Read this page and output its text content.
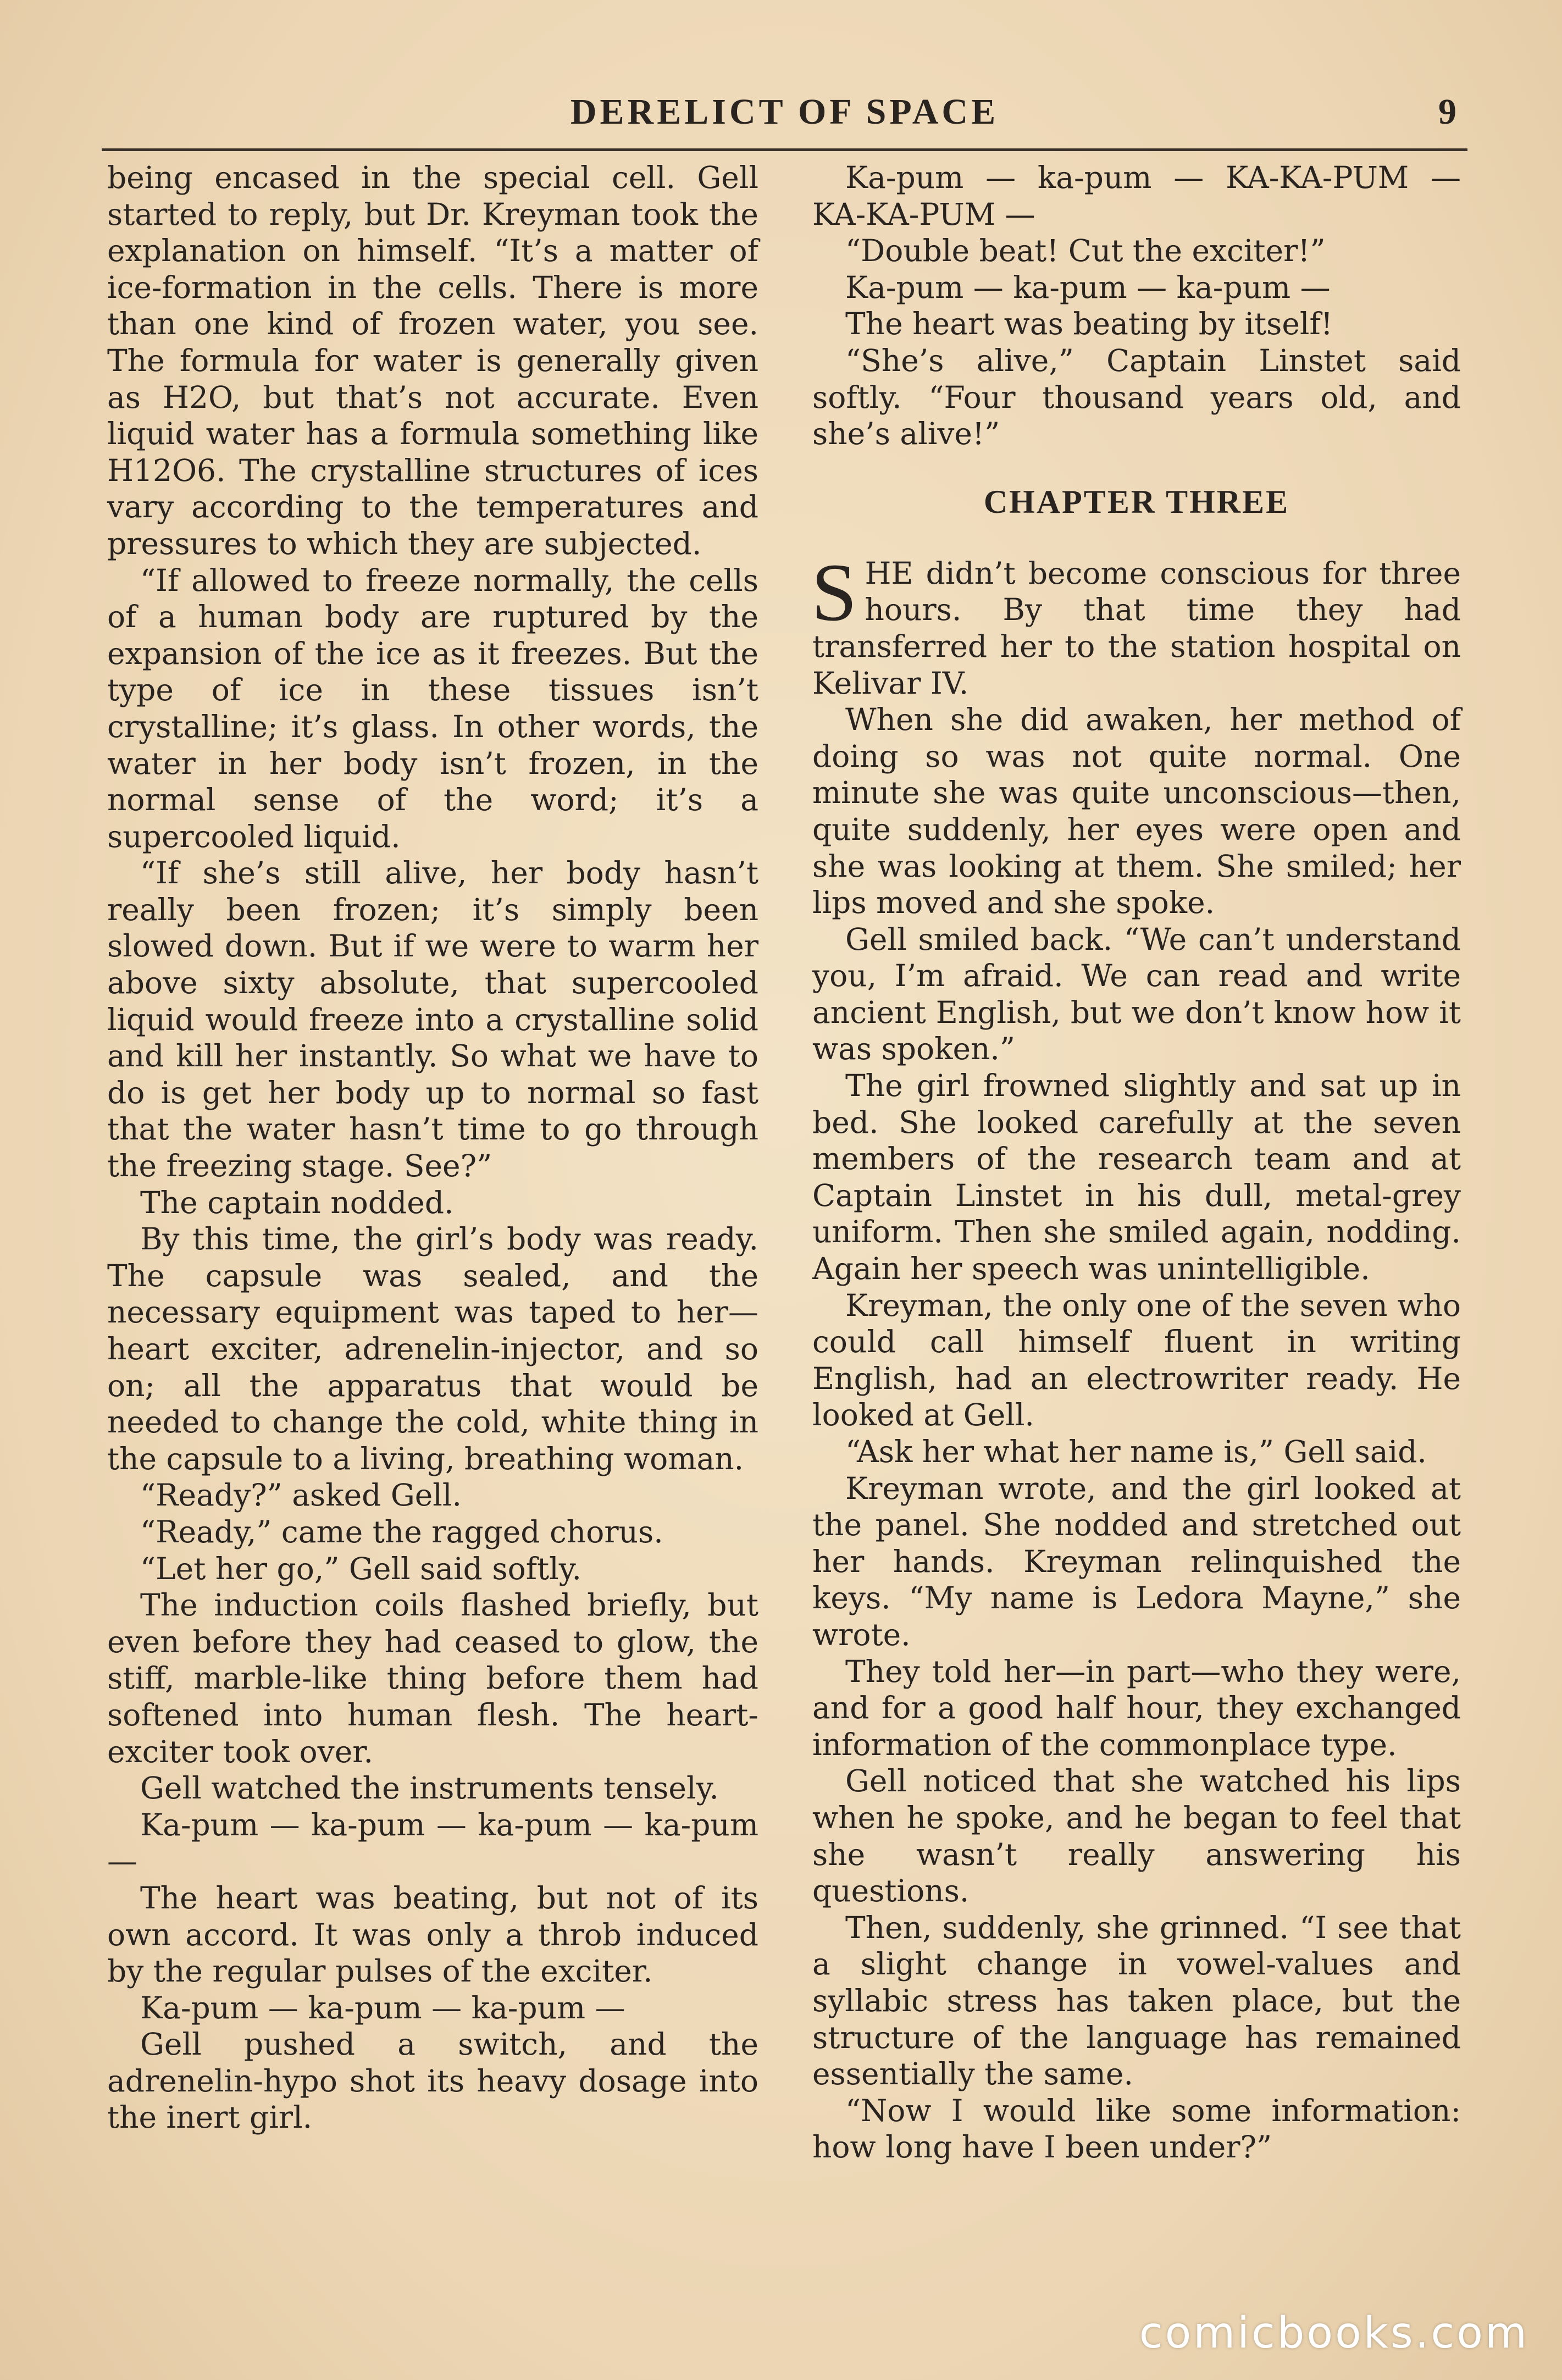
DERELICT OF SPACE	9

being encased in the special cell. Gell started to reply, but Dr. Kreyman took the explanation on himself. “It’s a matter of ice-formation in the cells. There is more than one kind of frozen water, you see. The formula for water is generally given as H2O, but that’s not accurate. Even liquid water has a formula something like H12O6. The crystalline structures of ices vary according to the temperatures and pressures to which they are subjected.

“If allowed to freeze normally, the cells of a human body are ruptured by the expansion of the ice as it freezes. But the type of ice in these tissues isn’t crystalline; it’s glass. In other words, the water in her body isn’t frozen, in the normal sense of the word; it’s a supercooled liquid.

“If she’s still alive, her body hasn’t really been frozen; it’s simply been slowed down. But if we were to warm her above sixty absolute, that supercooled liquid would freeze into a crystalline solid and kill her instantly. So what we have to do is get her body up to normal so fast that the water hasn’t time to go through the freezing stage. See?”

The captain nodded.

By this time, the girl’s body was ready. The capsule was sealed, and the necessary equipment was taped to her—heart exciter, adrenelin-injector, and so on; all the apparatus that would be needed to change the cold, white thing in the capsule to a living, breathing woman.

“Ready?” asked Gell.

“Ready,” came the ragged chorus.

“Let her go,” Gell said softly.

The induction coils flashed briefly, but even before they had ceased to glow, the stiff, marble-like thing before them had softened into human flesh. The heart-exciter took over.

Gell watched the instruments tensely.

Ka-pum — ka-pum — ka-pum — ka-pum —

The heart was beating, but not of its own accord. It was only a throb induced by the regular pulses of the exciter.

Ka-pum — ka-pum — ka-pum —

Gell pushed a switch, and the adrenelin-hypo shot its heavy dosage into the inert girl.

Ka-pum — ka-pum — KA-KA-PUM — KA-KA-PUM —

“Double beat! Cut the exciter!”

Ka-pum — ka-pum — ka-pum —

The heart was beating by itself!

“She’s alive,” Captain Linstet said softly. “Four thousand years old, and she’s alive!”

CHAPTER THREE

SHE didn’t become conscious for three hours. By that time they had transferred her to the station hospital on Kelivar IV.

When she did awaken, her method of doing so was not quite normal. One minute she was quite unconscious—then, quite suddenly, her eyes were open and she was looking at them. She smiled; her lips moved and she spoke.

Gell smiled back. “We can’t understand you, I’m afraid. We can read and write ancient English, but we don’t know how it was spoken.”

The girl frowned slightly and sat up in bed. She looked carefully at the seven members of the research team and at Captain Linstet in his dull, metal-grey uniform. Then she smiled again, nodding. Again her speech was unintelligible.

Kreyman, the only one of the seven who could call himself fluent in writing English, had an electrowriter ready. He looked at Gell.

“Ask her what her name is,” Gell said.

Kreyman wrote, and the girl looked at the panel. She nodded and stretched out her hands. Kreyman relinquished the keys. “My name is Ledora Mayne,” she wrote.

They told her—in part—who they were, and for a good half hour, they exchanged information of the commonplace type.

Gell noticed that she watched his lips when he spoke, and he began to feel that she wasn’t really answering his questions.

Then, suddenly, she grinned. “I see that a slight change in vowel-values and syllabic stress has taken place, but the structure of the language has remained essentially the same.

“Now I would like some information: how long have I been under?”

comicbooks.com
